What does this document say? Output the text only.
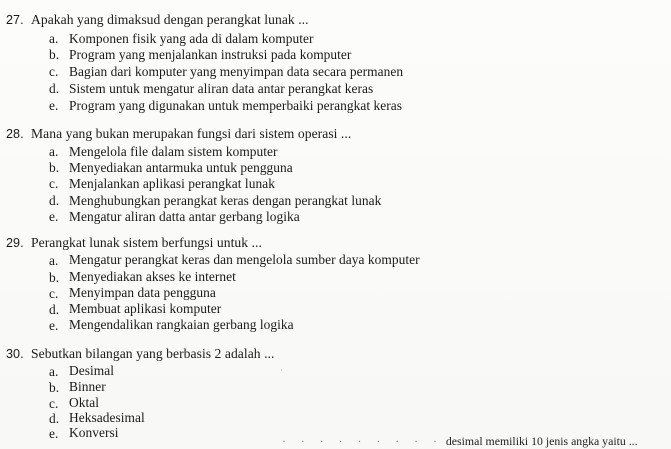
27. Apakah yang dimaksud dengan perangkat lunak ...
a. Komponen fisik yang ada di dalam komputer
b. Program yang menjalankan instruksi pada komputer
c. Bagian dari komputer yang menyimpan data secara permanen
d. Sistem untuk mengatur aliran data antar perangkat keras
e. Program yang digunakan untuk memperbaiki perangkat keras
28. Mana yang bukan merupakan fungsi dari sistem operasi ...
a. Mengelola file dalam sistem komputer
b. Menyediakan antarmuka untuk pengguna
c. Menjalankan aplikasi perangkat lunak
d. Menghubungkan perangkat keras dengan perangkat lunak
e. Mengatur aliran datta antar gerbang logika
29. Perangkat lunak sistem berfungsi untuk ...
a. Mengatur perangkat keras dan mengelola sumber daya komputer
b. Menyediakan akses ke internet
c. Menyimpan data pengguna
d. Membuat aplikasi komputer
e. Mengendalikan rangkaian gerbang logika
30. Sebutkan bilangan yang berbasis 2 adalah ...
a. Desimal
b. Binner
c. Oktal
d. Heksadesimal
e. Konversi
· · · · · · · · · desimal memiliki 10 jenis angka yaitu ...
·
